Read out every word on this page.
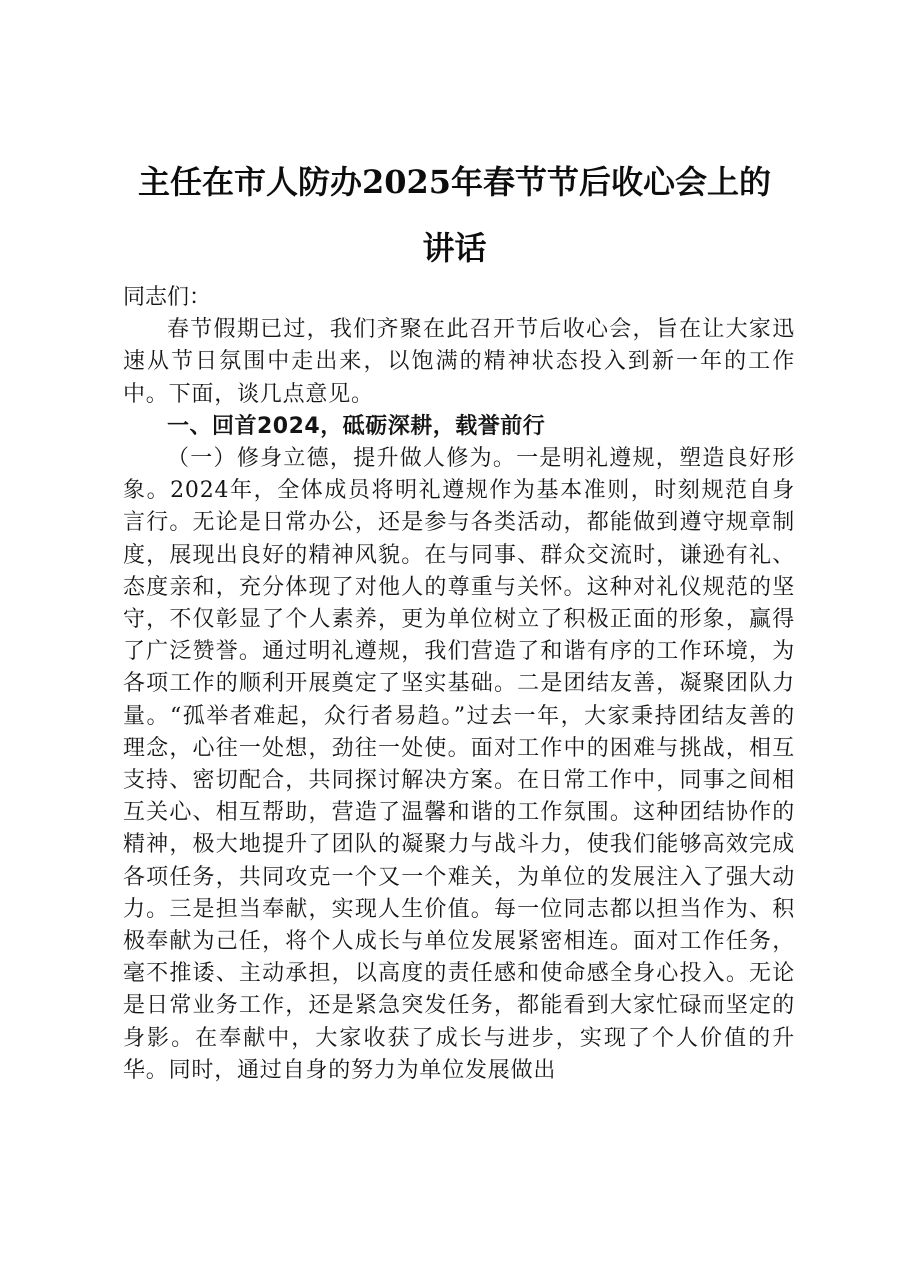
主任在市人防办2025年春节节后收心会上的
讲话

同志们：

春节假期已过，我们齐聚在此召开节后收心会，旨在让大家迅速从节日氛围中走出来，以饱满的精神状态投入到新一年的工作中。下面，谈几点意见。

一、回首2024，砥砺深耕，载誉前行

（一）修身立德，提升做人修为。一是明礼遵规，塑造良好形象。2024年，全体成员将明礼遵规作为基本准则，时刻规范自身言行。无论是日常办公，还是参与各类活动，都能做到遵守规章制度，展现出良好的精神风貌。在与同事、群众交流时，谦逊有礼、态度亲和，充分体现了对他人的尊重与关怀。这种对礼仪规范的坚守，不仅彰显了个人素养，更为单位树立了积极正面的形象，赢得了广泛赞誉。通过明礼遵规，我们营造了和谐有序的工作环境，为各项工作的顺利开展奠定了坚实基础。二是团结友善，凝聚团队力量。“孤举者难起，众行者易趋。”过去一年，大家秉持团结友善的理念，心往一处想，劲往一处使。面对工作中的困难与挑战，相互支持、密切配合，共同探讨解决方案。在日常工作中，同事之间相互关心、相互帮助，营造了温馨和谐的工作氛围。这种团结协作的精神，极大地提升了团队的凝聚力与战斗力，使我们能够高效完成各项任务，共同攻克一个又一个难关，为单位的发展注入了强大动力。三是担当奉献，实现人生价值。每一位同志都以担当作为、积极奉献为己任，将个人成长与单位发展紧密相连。面对工作任务，毫不推诿、主动承担，以高度的责任感和使命感全身心投入。无论是日常业务工作，还是紧急突发任务，都能看到大家忙碌而坚定的身影。在奉献中，大家收获了成长与进步，实现了个人价值的升华。同时，通过自身的努力为单位发展做出
